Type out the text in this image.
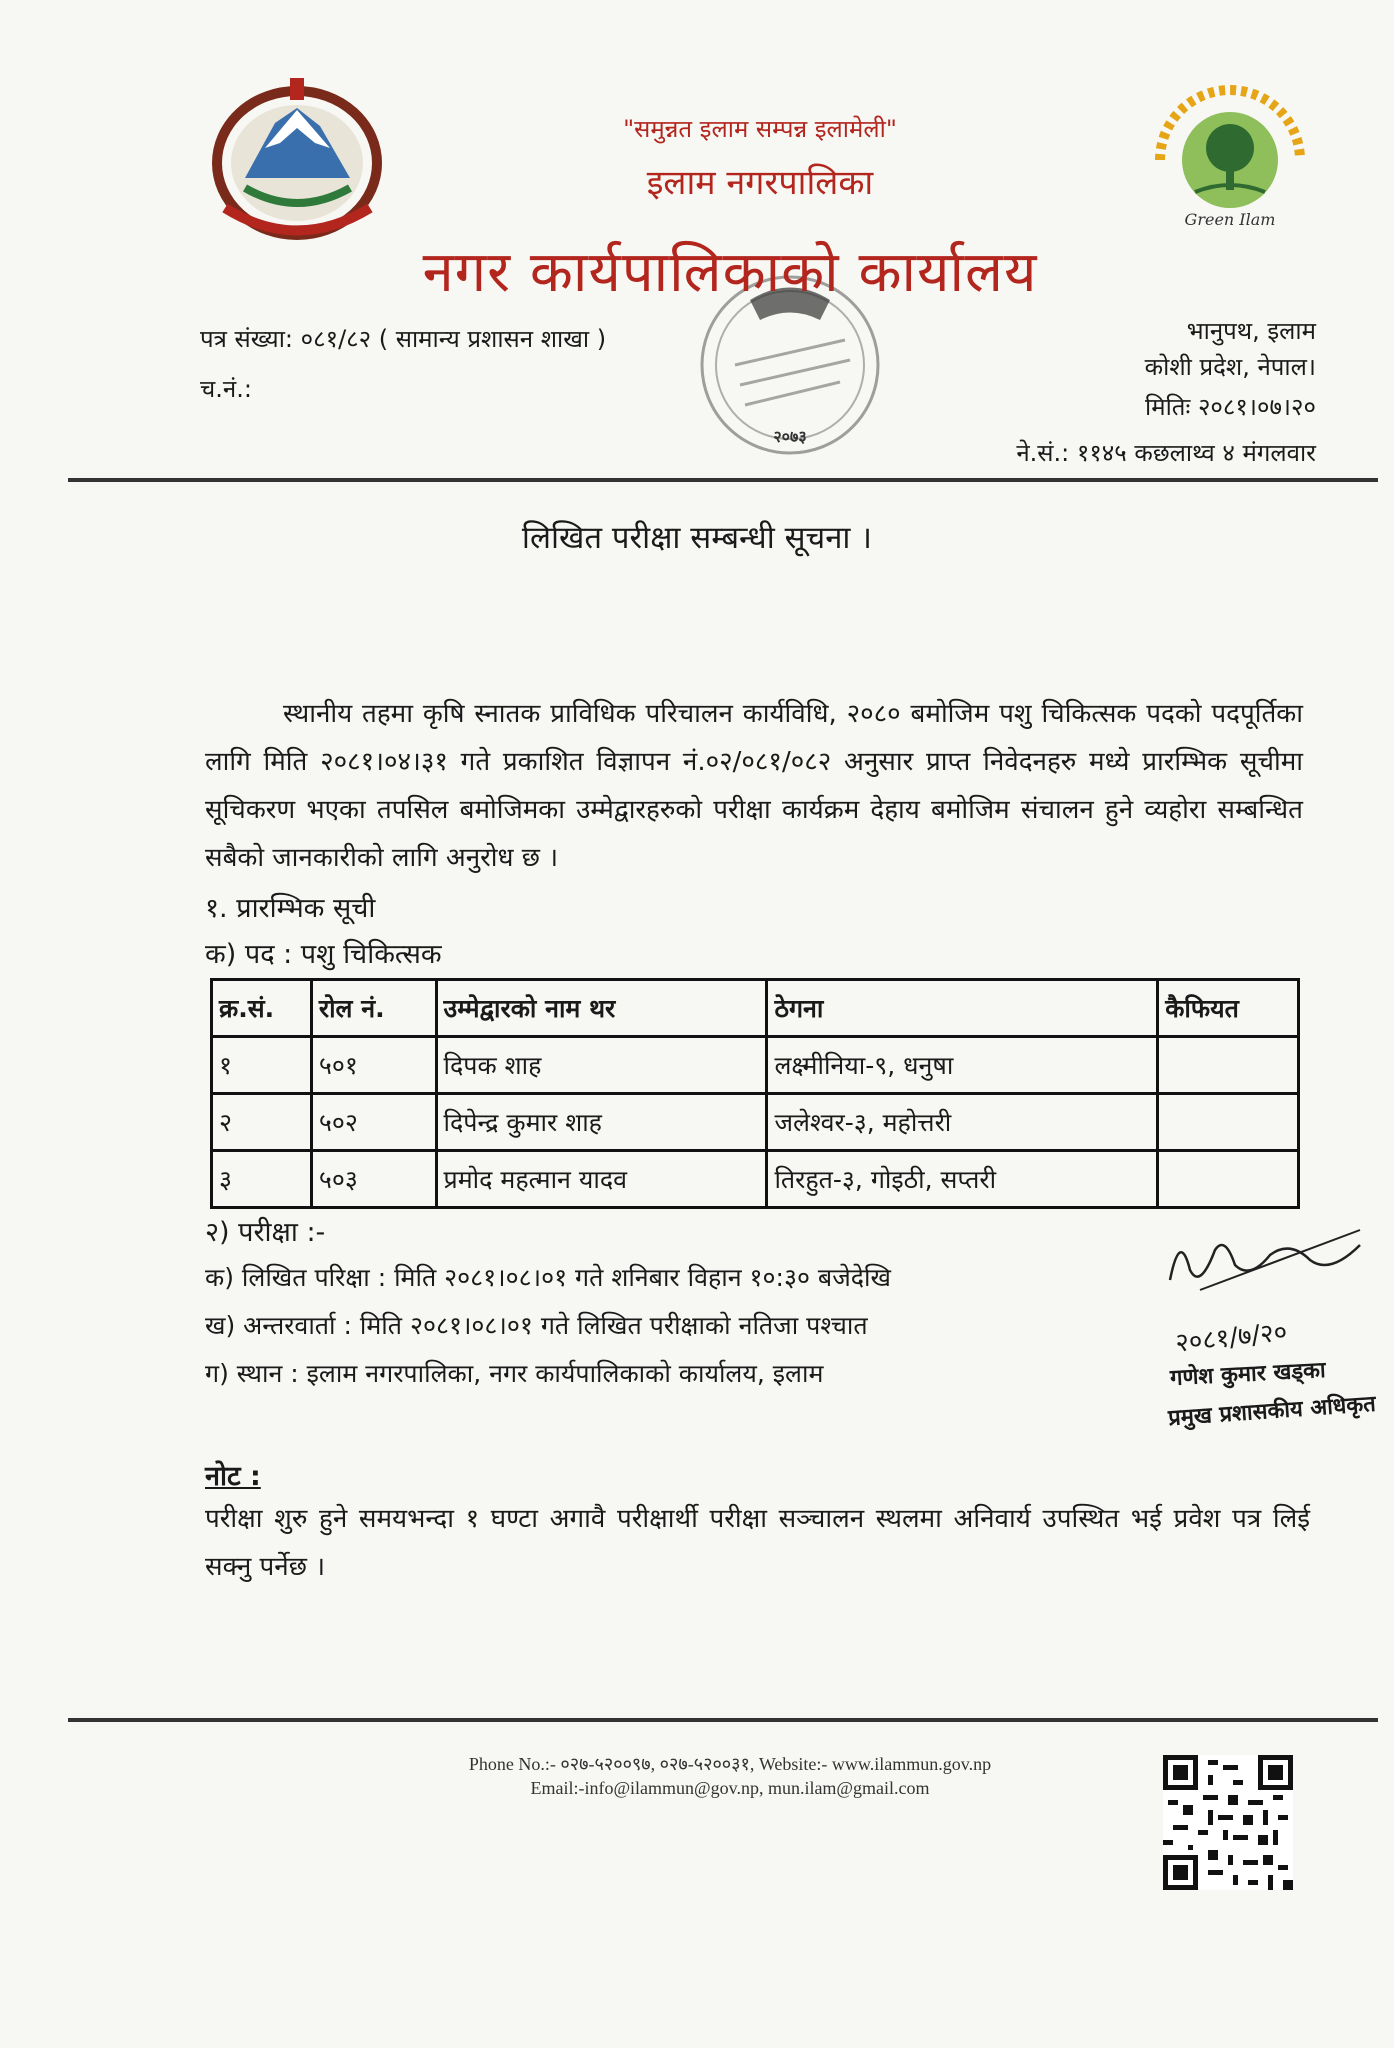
Green Ilam
२०७३
"समुन्नत इलाम सम्पन्न इलामेली"
इलाम नगरपालिका
नगर कार्यपालिकाको कार्यालय
पत्र संख्या: ०८१/८२ ( सामान्य प्रशासन शाखा )
च.नं.:
भानुपथ, इलाम
कोशी प्रदेश, नेपाल।
मितिः २०८१।०७।२०
ने.सं.: ११४५ कछलाथ्व ४ मंगलवार
लिखित परीक्षा सम्बन्धी सूचना ।
स्थानीय तहमा कृषि स्नातक प्राविधिक परिचालन कार्यविधि, २०८० बमोजिम पशु चिकित्सक पदको पदपूर्तिका लागि मिति २०८१।०४।३१ गते प्रकाशित विज्ञापन नं.०२/०८१/०८२ अनुसार प्राप्त निवेदनहरु मध्ये प्रारम्भिक सूचीमा सूचिकरण भएका तपसिल बमोजिमका उम्मेद्वारहरुको परीक्षा कार्यक्रम देहाय बमोजिम संचालन हुने व्यहोरा सम्बन्धित सबैको जानकारीको लागि अनुरोध छ ।
१. प्रारम्भिक सूची
क) पद : पशु चिकित्सक
क्र.सं.	रोल नं.	उम्मेद्वारको नाम थर	ठेगना	कैफियत
१	५०१	दिपक शाह	लक्ष्मीनिया-९, धनुषा	
२	५०२	दिपेन्द्र कुमार शाह	जलेश्वर-३, महोत्तरी	
३	५०३	प्रमोद महत्मान यादव	तिरहुत-३, गोइठी, सप्तरी	
२) परीक्षा :-
क) लिखित परिक्षा : मिति २०८१।०८।०१ गते शनिबार विहान १०:३० बजेदेखि
ख) अन्तरवार्ता : मिति २०८१।०८।०१ गते लिखित परीक्षाको नतिजा पश्चात
ग) स्थान : इलाम नगरपालिका, नगर कार्यपालिकाको कार्यालय, इलाम
२०८१/७/२०
गणेश कुमार खड्का
प्रमुख प्रशासकीय अधिकृत
नोट :
परीक्षा शुरु हुने समयभन्दा १ घण्टा अगावै परीक्षार्थी परीक्षा सञ्चालन स्थलमा अनिवार्य उपस्थित भई प्रवेश पत्र लिई सक्नु पर्नेछ ।
Phone No.:- ०२७-५२००९७, ०२७-५२००३१, Website:- www.ilammun.gov.np
Email:-info@ilammun@gov.np, mun.ilam@gmail.com
